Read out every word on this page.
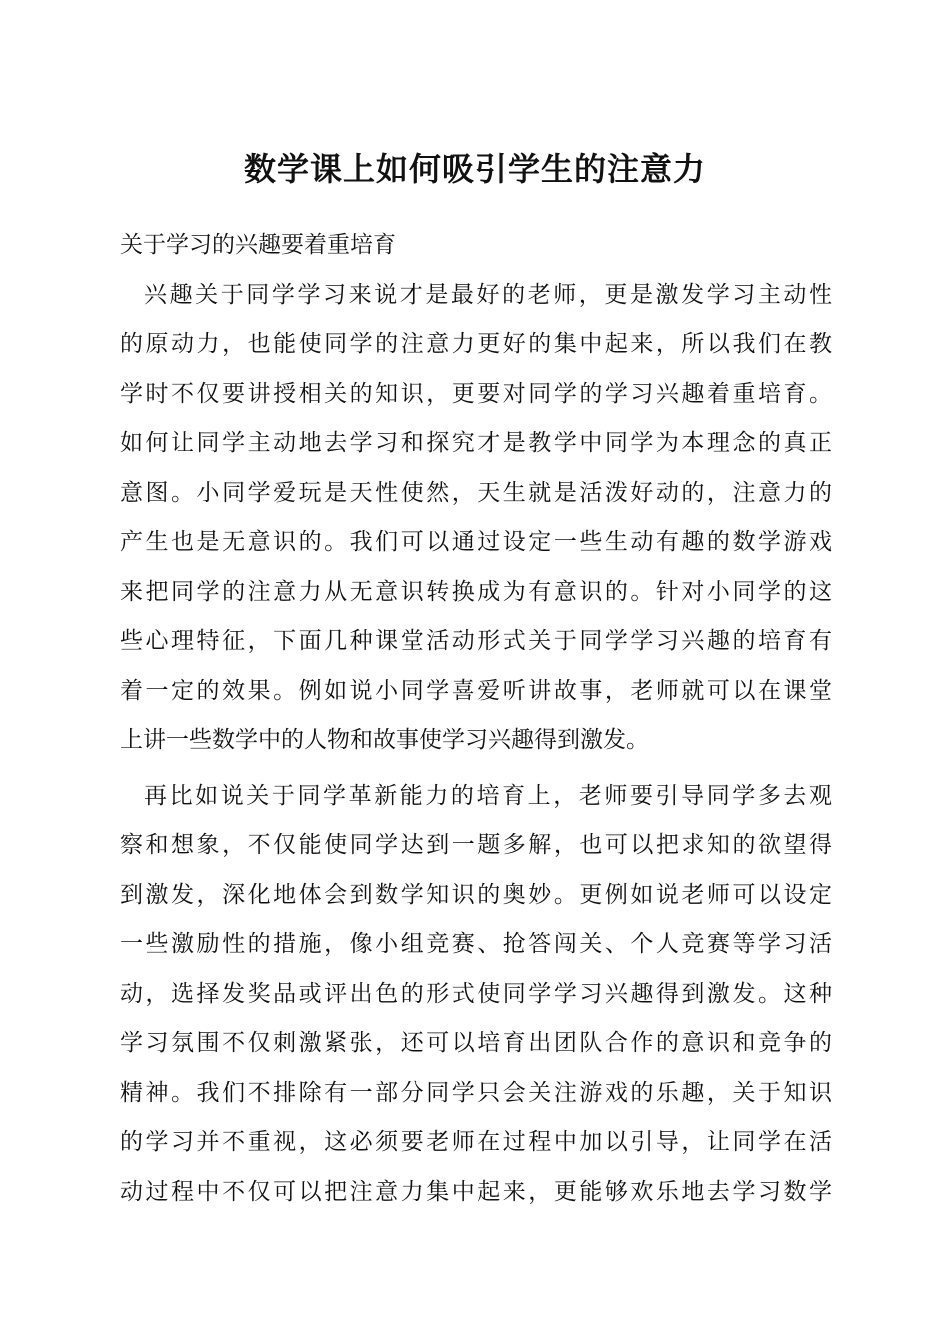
数学课上如何吸引学生的注意力
关于学习的兴趣要着重培育
兴趣关于同学学习来说才是最好的老师，更是激发学习主动性
的原动力，也能使同学的注意力更好的集中起来，所以我们在教
学时不仅要讲授相关的知识，更要对同学的学习兴趣着重培育。
如何让同学主动地去学习和探究才是教学中同学为本理念的真正
意图。小同学爱玩是天性使然，天生就是活泼好动的，注意力的
产生也是无意识的。我们可以通过设定一些生动有趣的数学游戏
来把同学的注意力从无意识转换成为有意识的。针对小同学的这
些心理特征，下面几种课堂活动形式关于同学学习兴趣的培育有
着一定的效果。例如说小同学喜爱听讲故事，老师就可以在课堂
上讲一些数学中的人物和故事使学习兴趣得到激发。
再比如说关于同学革新能力的培育上，老师要引导同学多去观
察和想象，不仅能使同学达到一题多解，也可以把求知的欲望得
到激发，深化地体会到数学知识的奥妙。更例如说老师可以设定
一些激励性的措施，像小组竞赛、抢答闯关、个人竞赛等学习活
动，选择发奖品或评出色的形式使同学学习兴趣得到激发。这种
学习氛围不仅刺激紧张，还可以培育出团队合作的意识和竞争的
精神。我们不排除有一部分同学只会关注游戏的乐趣，关于知识
的学习并不重视，这必须要老师在过程中加以引导，让同学在活
动过程中不仅可以把注意力集中起来，更能够欢乐地去学习数学
